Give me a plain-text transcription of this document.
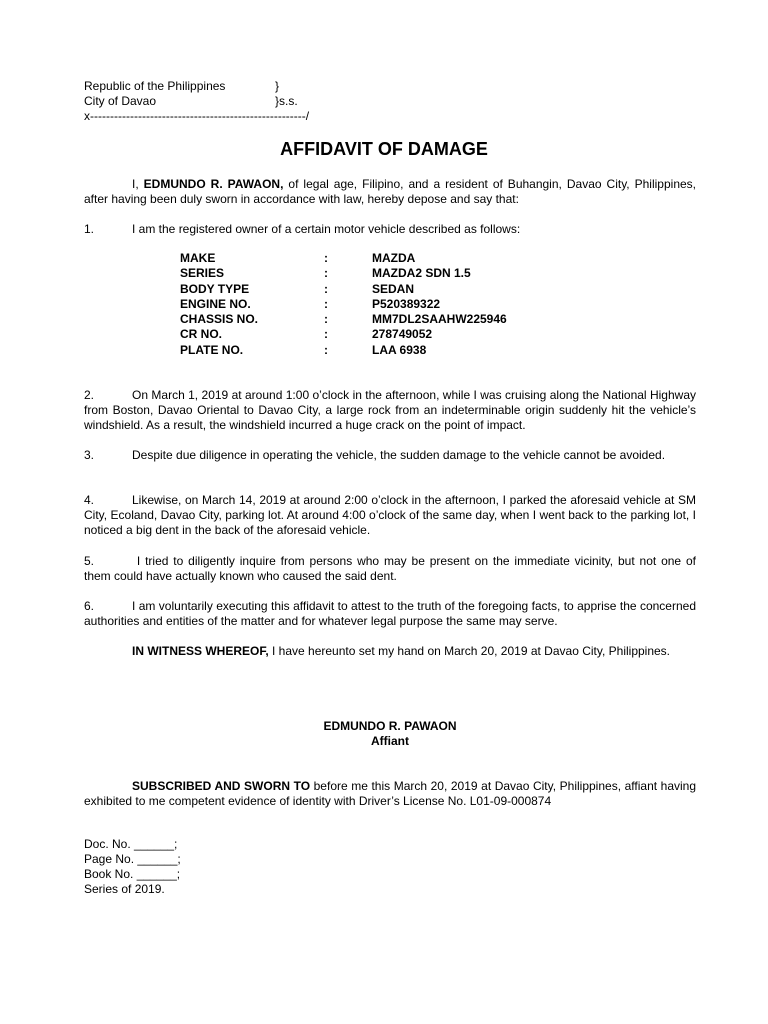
Republic of the Philippines	}
City of Davao	}s.s.
x------------------------------------------------------/
AFFIDAVIT OF DAMAGE
I, EDMUNDO R. PAWAON, of legal age, Filipino, and a resident of Buhangin, Davao City, Philippines, after having been duly sworn in accordance with law, hereby depose and say that:
1.	I am the registered owner of a certain motor vehicle described as follows:
MAKE	:	MAZDA
SERIES	:	MAZDA2 SDN 1.5
BODY TYPE	:	SEDAN
ENGINE NO.	:	P520389322
CHASSIS NO.	:	MM7DL2SAAHW225946
CR NO.	:	278749052
PLATE NO.	:	LAA 6938
2.	On March 1, 2019 at around 1:00 o’clock in the afternoon, while I was cruising along the National Highway from Boston, Davao Oriental to Davao City, a large rock from an indeterminable origin suddenly hit the vehicle’s windshield. As a result, the windshield incurred a huge crack on the point of impact.
3.	Despite due diligence in operating the vehicle, the sudden damage to the vehicle cannot be avoided.
4.	Likewise, on March 14, 2019 at around 2:00 o’clock in the afternoon, I parked the aforesaid vehicle at SM City, Ecoland, Davao City, parking lot. At around 4:00 o’clock of the same day, when I went back to the parking lot, I noticed a big dent in the back of the aforesaid vehicle.
5.	I tried to diligently inquire from persons who may be present on the immediate vicinity, but not one of them could have actually known who caused the said dent.
6.	I am voluntarily executing this affidavit to attest to the truth of the foregoing facts, to apprise the concerned authorities and entities of the matter and for whatever legal purpose the same may serve.
IN WITNESS WHEREOF, I have hereunto set my hand on March 20, 2019 at Davao City, Philippines.
EDMUNDO R. PAWAON
Affiant
SUBSCRIBED AND SWORN TO before me this March 20, 2019 at Davao City, Philippines, affiant having exhibited to me competent evidence of identity with Driver’s License No. L01-09-000874
Doc. No. ______;
Page No. ______;
Book No. ______;
Series of 2019.
